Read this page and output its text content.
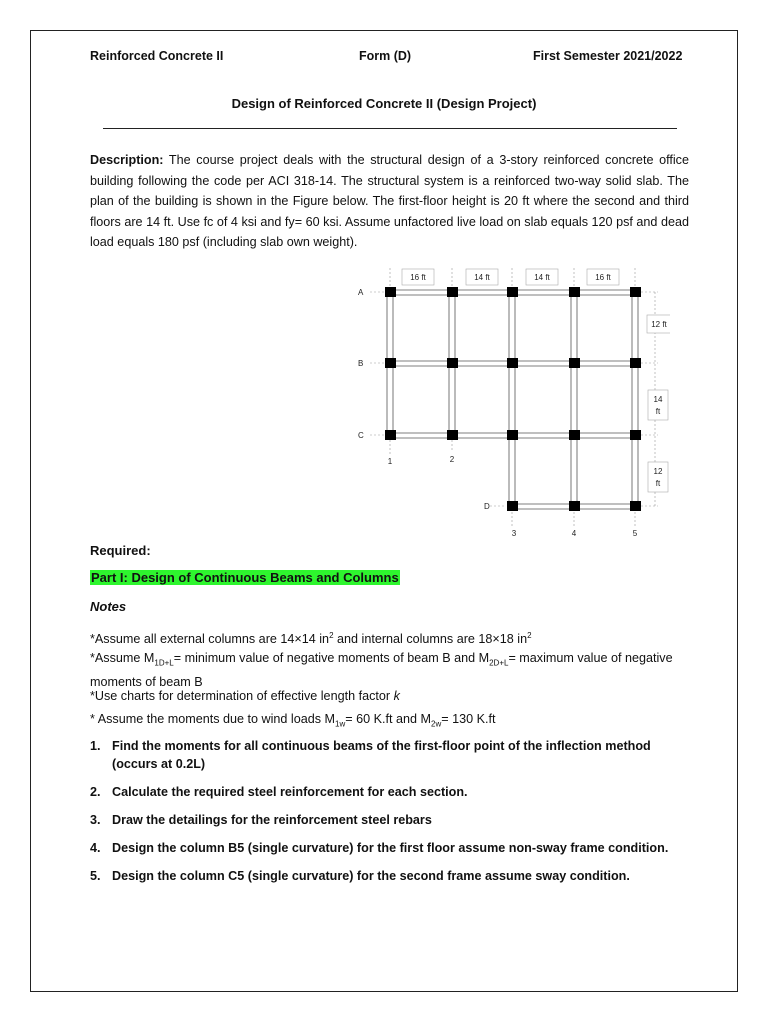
Reinforced Concrete II	Form (D)	First Semester 2021/2022
Design of Reinforced Concrete II (Design Project)
Description: The course project deals with the structural design of a 3-story reinforced concrete office building following the code per ACI 318-14. The structural system is a reinforced two-way solid slab. The plan of the building is shown in the Figure below. The first-floor height is 20 ft where the second and third floors are 14 ft. Use fc of 4 ksi and fy= 60 ksi. Assume unfactored live load on slab equals 120 psf and dead load equals 180 psf (including slab own weight).
16 ft	14 ft	14 ft	16 ft
12 ft
14
ft
12
ft
A
B
C
D
1	2
3	4	5
Required:
Part I: Design of Continuous Beams and Columns
Notes
*Assume all external columns are 14×14 $in^2$ and internal columns are 18×18 $in^2$
*Assume $M_{1D+L}=$ minimum value of negative moments of beam B and $M_{2D+L}=$ maximum value of negative moments of beam B
*Use charts for determination of effective length factor k
* Assume the moments due to wind loads $M_{1w}= 60$ K.ft and $M_{2w}= 130$ K.ft
1. Find the moments for all continuous beams of the first-floor point of the inflection method (occurs at 0.2L)
2. Calculate the required steel reinforcement for each section.
3. Draw the detailings for the reinforcement steel rebars
4. Design the column B5 (single curvature) for the first floor assume non-sway frame condition.
5. Design the column C5 (single curvature) for the second frame assume sway condition.
